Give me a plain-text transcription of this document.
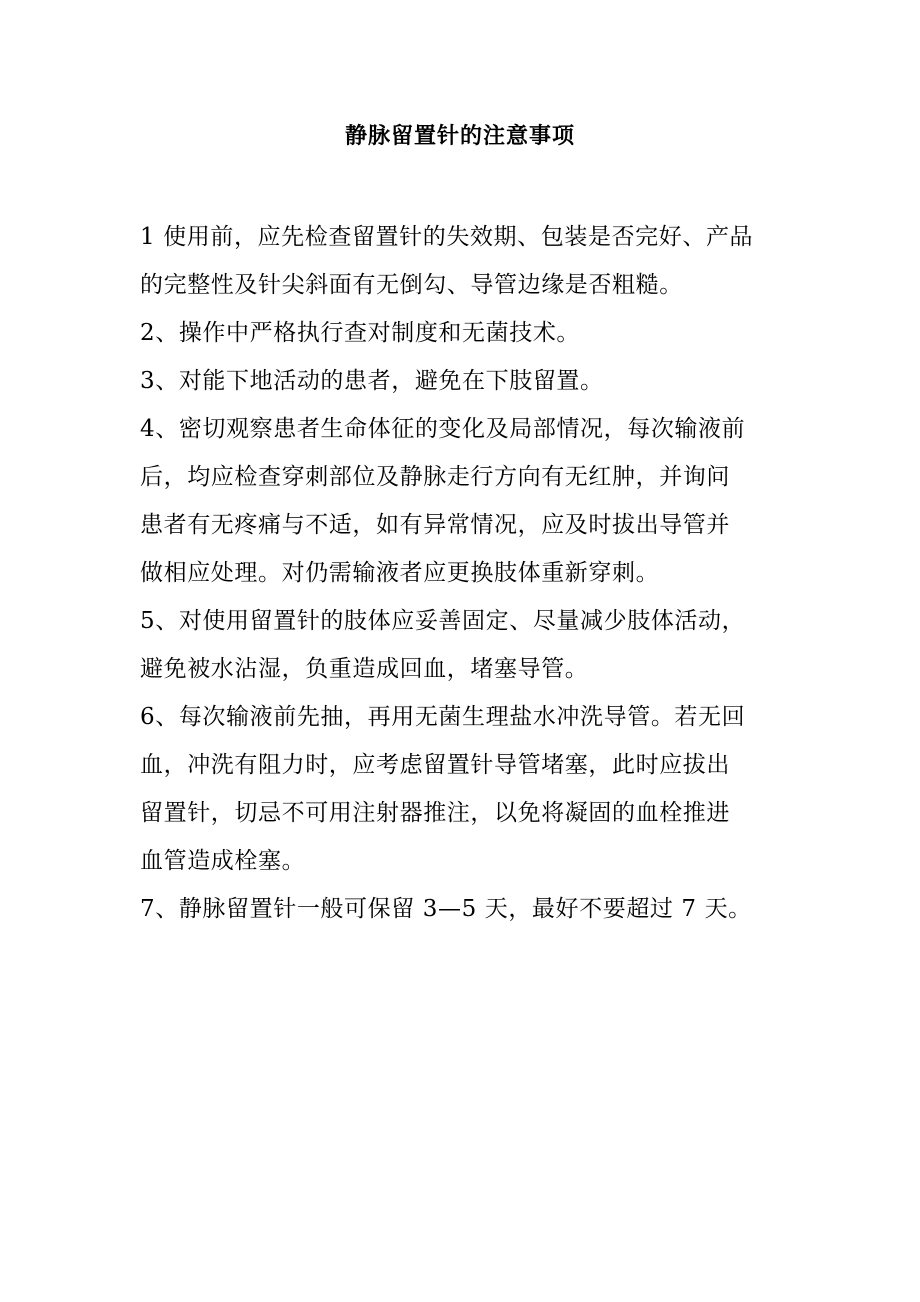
静脉留置针的注意事项

1 使用前，应先检查留置针的失效期、包装是否完好、产品
的完整性及针尖斜面有无倒勾、导管边缘是否粗糙。

2、操作中严格执行查对制度和无菌技术。

3、对能下地活动的患者，避免在下肢留置。

4、密切观察患者生命体征的变化及局部情况，每次输液前
后，均应检查穿刺部位及静脉走行方向有无红肿，并询问
患者有无疼痛与不适，如有异常情况，应及时拔出导管并
做相应处理。对仍需输液者应更换肢体重新穿刺。

5、对使用留置针的肢体应妥善固定、尽量减少肢体活动，
避免被水沾湿，负重造成回血，堵塞导管。

6、每次输液前先抽，再用无菌生理盐水冲洗导管。若无回
血，冲洗有阻力时，应考虑留置针导管堵塞，此时应拔出
留置针，切忌不可用注射器推注，以免将凝固的血栓推进
血管造成栓塞。

7、静脉留置针一般可保留 3—5 天，最好不要超过 7 天。
